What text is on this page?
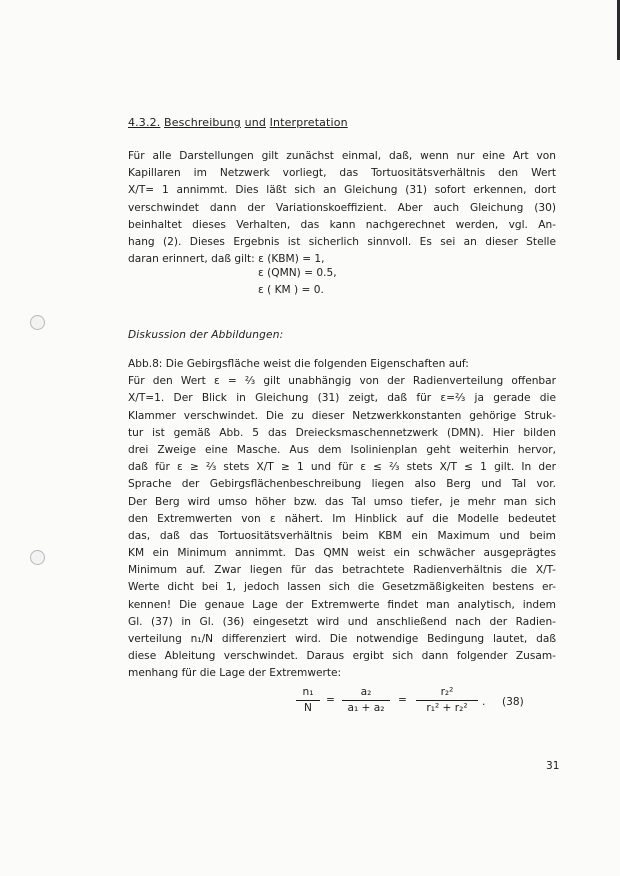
4.3.2. Beschreibung und Interpretation
Für alle Darstellungen gilt zunächst einmal, daß, wenn nur eine Art von
Kapillaren im Netzwerk vorliegt, das Tortuositätsverhältnis den Wert
X/T= 1 annimmt. Dies läßt sich an Gleichung (31) sofort erkennen, dort
verschwindet dann der Variationskoeffizient. Aber auch Gleichung (30)
beinhaltet dieses Verhalten, das kann nachgerechnet werden, vgl. An-
hang (2). Dieses Ergebnis ist sicherlich sinnvoll. Es sei an dieser Stelle
daran erinnert, daß gilt: ε (KBM) = 1,
ε (QMN) = 0.5,
ε ( KM ) = 0.
Diskussion der Abbildungen:
Abb.8: Die Gebirgsfläche weist die folgenden Eigenschaften auf:
Für den Wert ε = ⅔ gilt unabhängig von der Radienverteilung offenbar
X/T=1. Der Blick in Gleichung (31) zeigt, daß für ε=⅔ ja gerade die
Klammer verschwindet. Die zu dieser Netzwerkkonstanten gehörige Struk-
tur ist gemäß Abb. 5 das Dreiecksmaschennetzwerk (DMN). Hier bilden
drei Zweige eine Masche. Aus dem Isolinienplan geht weiterhin hervor,
daß für ε ≥ ⅔ stets X/T ≥ 1 und für ε ≤ ⅔ stets X/T ≤ 1 gilt. In der
Sprache der Gebirgsflächenbeschreibung liegen also Berg und Tal vor.
Der Berg wird umso höher bzw. das Tal umso tiefer, je mehr man sich
den Extremwerten von ε nähert. Im Hinblick auf die Modelle bedeutet
das, daß das Tortuositätsverhältnis beim KBM ein Maximum und beim
KM ein Minimum annimmt. Das QMN weist ein schwächer ausgeprägtes
Minimum auf. Zwar liegen für das betrachtete Radienverhältnis die X/T-
Werte dicht bei 1, jedoch lassen sich die Gesetzmäßigkeiten bestens er-
kennen! Die genaue Lage der Extremwerte findet man analytisch, indem
Gl. (37) in Gl. (36) eingesetzt wird und anschließend nach der Radien-
verteilung n₁/N differenziert wird. Die notwendige Bedingung lautet, daß
diese Ableitung verschwindet. Daraus ergibt sich dann folgender Zusam-
menhang für die Lage der Extremwerte:
n₁
N
=
a₂
a₁ + a₂
=
r₂²
r₁² + r₂²	. (38)
31
